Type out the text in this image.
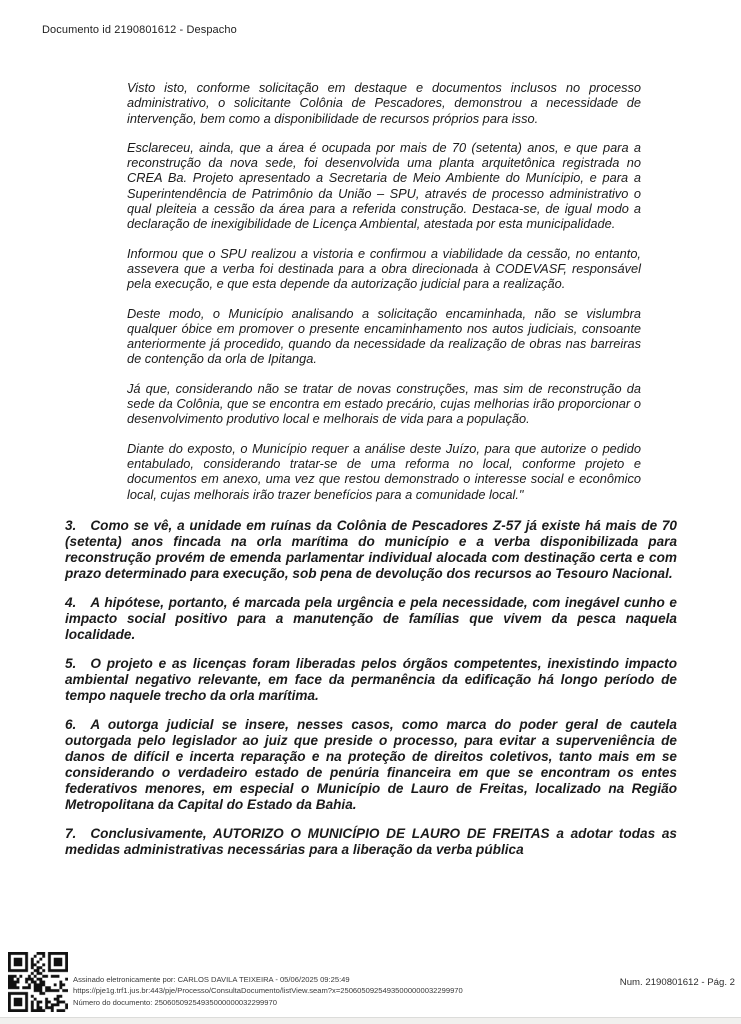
Documento id 2190801612 - Despacho

Visto isto, conforme solicitação em destaque e documentos inclusos no processo administrativo, o solicitante Colônia de Pescadores, demonstrou a necessidade de intervenção, bem como a disponibilidade de recursos próprios para isso.

Esclareceu, ainda, que a área é ocupada por mais de 70 (setenta) anos, e que para a reconstrução da nova sede, foi desenvolvida uma planta arquitetônica registrada no CREA Ba. Projeto apresentado a Secretaria de Meio Ambiente do Munícipio, e para a Superintendência de Patrimônio da União – SPU, através de processo administrativo o qual pleiteia a cessão da área para a referida construção. Destaca-se, de igual modo a declaração de inexigibilidade de Licença Ambiental, atestada por esta municipalidade.

Informou que o SPU realizou a vistoria e confirmou a viabilidade da cessão, no entanto, assevera que a verba foi destinada para a obra direcionada à CODEVASF, responsável pela execução, e que esta depende da autorização judicial para a realização.

Deste modo, o Município analisando a solicitação encaminhada, não se vislumbra qualquer óbice em promover o presente encaminhamento nos autos judiciais, consoante anteriormente já procedido, quando da necessidade da realização de obras nas barreiras de contenção da orla de Ipitanga.

Já que, considerando não se tratar de novas construções, mas sim de reconstrução da sede da Colônia, que se encontra em estado precário, cujas melhorias irão proporcionar o desenvolvimento produtivo local e melhorais de vida para a população.

Diante do exposto, o Município requer a análise deste Juízo, para que autorize o pedido entabulado, considerando tratar-se de uma reforma no local, conforme projeto e documentos em anexo, uma vez que restou demonstrado o interesse social e econômico local, cujas melhorais irão trazer benefícios para a comunidade local."

3. Como se vê, a unidade em ruínas da Colônia de Pescadores Z-57 já existe há mais de 70 (setenta) anos fincada na orla marítima do município e a verba disponibilizada para reconstrução provém de emenda parlamentar individual alocada com destinação certa e com prazo determinado para execução, sob pena de devolução dos recursos ao Tesouro Nacional.

4. A hipótese, portanto, é marcada pela urgência e pela necessidade, com inegável cunho e impacto social positivo para a manutenção de famílias que vivem da pesca naquela localidade.

5. O projeto e as licenças foram liberadas pelos órgãos competentes, inexistindo impacto ambiental negativo relevante, em face da permanência da edificação há longo período de tempo naquele trecho da orla marítima.

6. A outorga judicial se insere, nesses casos, como marca do poder geral de cautela outorgada pelo legislador ao juiz que preside o processo, para evitar a superveniência de danos de difícil e incerta reparação e na proteção de direitos coletivos, tanto mais em se considerando o verdadeiro estado de penúria financeira em que se encontram os entes federativos menores, em especial o Município de Lauro de Freitas, localizado na Região Metropolitana da Capital do Estado da Bahia.

7. Conclusivamente, AUTORIZO O MUNICÍPIO DE LAURO DE FREITAS a adotar todas as medidas administrativas necessárias para a liberação da verba pública

Assinado eletronicamente por: CARLOS DAVILA TEIXEIRA - 05/06/2025 09:25:49
https://pje1g.trf1.jus.br:443/pje/Processo/ConsultaDocumento/listView.seam?x=25060509254935000000032299970
Número do documento: 25060509254935000000032299970
Num. 2190801612 - Pág. 2
